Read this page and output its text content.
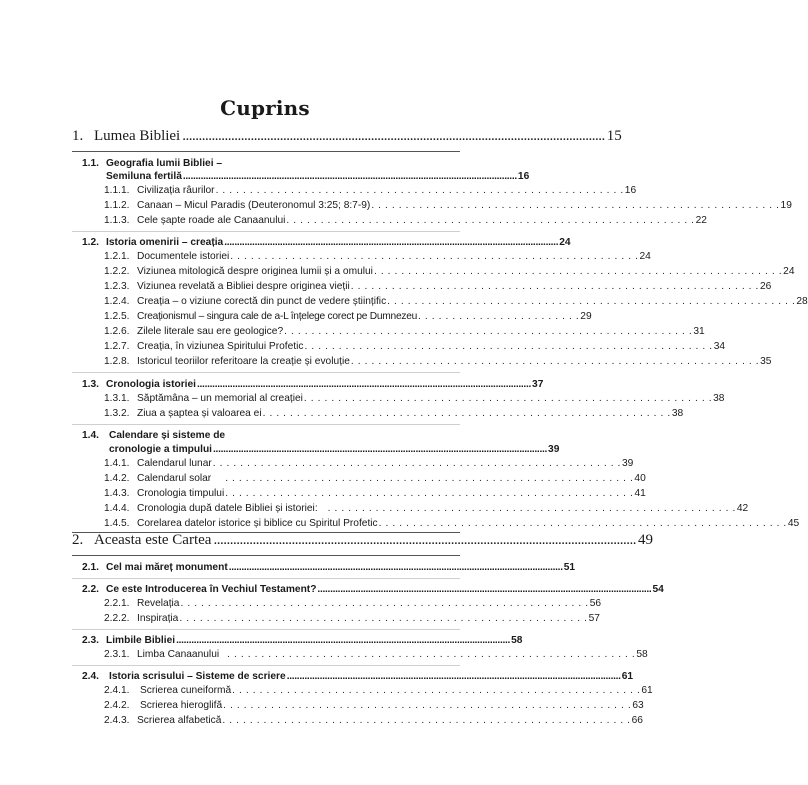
Cuprins
1. Lumea Bibliei .................................................................................................................................. 15
1.1. Geografia lumii Bibliei –
Semiluna fertilă .................................................................................................................................... 16
1.1.1. Civilizația râurilor . . . . . . . . . . . . . . . . . . . . . . . . . . . . . . . . . . . . . . . . . . . . . . . . . . . . . . . . . . . . 16
1.1.2. Canaan – Micul Paradis (Deuteronomul 3:25; 8:7-9) . . . . . . . . . . . . . . . . . . . . . . . . . . . . . . . . . . . . . . . . . . . . . . . . . . . . . . . . . . . . 19
1.1.3. Cele șapte roade ale Canaanului . . . . . . . . . . . . . . . . . . . . . . . . . . . . . . . . . . . . . . . . . . . . . . . . . . . . . . . . . . . . 22
1.2. Istoria omenirii – creația .................................................................................................................................... 24
1.2.1. Documentele istoriei . . . . . . . . . . . . . . . . . . . . . . . . . . . . . . . . . . . . . . . . . . . . . . . . . . . . . . . . . . . . 24
1.2.2. Viziunea mitologică despre originea lumii și a omului . . . . . . . . . . . . . . . . . . . . . . . . . . . . . . . . . . . . . . . . . . . . . . . . . . . . . . . . . . . . 24
1.2.3. Viziunea revelată a Bibliei despre originea vieții . . . . . . . . . . . . . . . . . . . . . . . . . . . . . . . . . . . . . . . . . . . . . . . . . . . . . . . . . . . . 26
1.2.4. Creația – o viziune corectă din punct de vedere științific . . . . . . . . . . . . . . . . . . . . . . . . . . . . . . . . . . . . . . . . . . . . . . . . . . . . . . . . . . . . 28
1.2.5. Creaționismul – singura cale de a-L înțelege corect pe Dumnezeu . . . . . . . . . . . . . . . . . . . . . . . . 29
1.2.6. Zilele literale sau ere geologice? . . . . . . . . . . . . . . . . . . . . . . . . . . . . . . . . . . . . . . . . . . . . . . . . . . . . . . . . . . . . 31
1.2.7. Creația, în viziunea Spiritului Profetic . . . . . . . . . . . . . . . . . . . . . . . . . . . . . . . . . . . . . . . . . . . . . . . . . . . . . . . . . . . . 34
1.2.8. Istoricul teoriilor referitoare la creație și evoluție . . . . . . . . . . . . . . . . . . . . . . . . . . . . . . . . . . . . . . . . . . . . . . . . . . . . . . . . . . . . 35
1.3. Cronologia istoriei .................................................................................................................................... 37
1.3.1. Săptămâna – un memorial al creației . . . . . . . . . . . . . . . . . . . . . . . . . . . . . . . . . . . . . . . . . . . . . . . . . . . . . . . . . . . . 38
1.3.2. Ziua a șaptea și valoarea ei . . . . . . . . . . . . . . . . . . . . . . . . . . . . . . . . . . . . . . . . . . . . . . . . . . . . . . . . . . . . 38
1.4. Calendare și sisteme de
cronologie a timpului .................................................................................................................................... 39
1.4.1. Calendarul lunar . . . . . . . . . . . . . . . . . . . . . . . . . . . . . . . . . . . . . . . . . . . . . . . . . . . . . . . . . . . . 39
1.4.2. Calendarul solar . . . . . . . . . . . . . . . . . . . . . . . . . . . . . . . . . . . . . . . . . . . . . . . . . . . . . . . . . . . . 40
1.4.3. Cronologia timpului . . . . . . . . . . . . . . . . . . . . . . . . . . . . . . . . . . . . . . . . . . . . . . . . . . . . . . . . . . . . 41
1.4.4. Cronologia după datele Bibliei și istoriei: . . . . . . . . . . . . . . . . . . . . . . . . . . . . . . . . . . . . . . . . . . . . . . . . . . . . . . . . . . . . 42
1.4.5. Corelarea datelor istorice și biblice cu Spiritul Profetic . . . . . . . . . . . . . . . . . . . . . . . . . . . . . . . . . . . . . . . . . . . . . . . . . . . . . . . . . . . . 45
2. Aceasta este Cartea .................................................................................................................................. 49
2.1. Cel mai măreț monument .................................................................................................................................... 51
2.2. Ce este Introducerea în Vechiul Testament? .................................................................................................................................... 54
2.2.1. Revelația . . . . . . . . . . . . . . . . . . . . . . . . . . . . . . . . . . . . . . . . . . . . . . . . . . . . . . . . . . . . 56
2.2.2. Inspirația . . . . . . . . . . . . . . . . . . . . . . . . . . . . . . . . . . . . . . . . . . . . . . . . . . . . . . . . . . . . 57
2.3. Limbile Bibliei .................................................................................................................................... 58
2.3.1. Limba Canaanului . . . . . . . . . . . . . . . . . . . . . . . . . . . . . . . . . . . . . . . . . . . . . . . . . . . . . . . . . . . . 58
2.4. Istoria scrisului – Sisteme de scriere .................................................................................................................................... 61
2.4.1. Scrierea cuneiformă . . . . . . . . . . . . . . . . . . . . . . . . . . . . . . . . . . . . . . . . . . . . . . . . . . . . . . . . . . . . 61
2.4.2. Scrierea hieroglifă . . . . . . . . . . . . . . . . . . . . . . . . . . . . . . . . . . . . . . . . . . . . . . . . . . . . . . . . . . . . 63
2.4.3. Scrierea alfabetică . . . . . . . . . . . . . . . . . . . . . . . . . . . . . . . . . . . . . . . . . . . . . . . . . . . . . . . . . . . . 66
